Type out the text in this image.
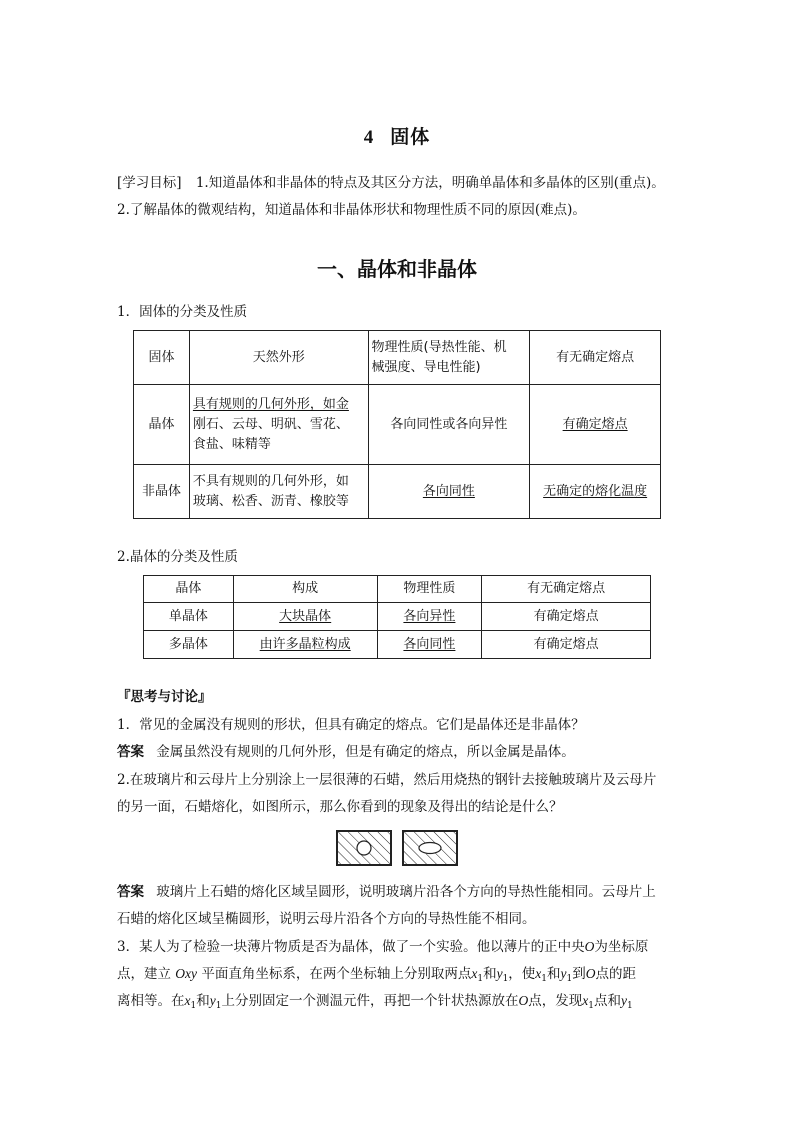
4 固体
[学习目标] 1.知道晶体和非晶体的特点及其区分方法，明确单晶体和多晶体的区别(重点)。
2.了解晶体的微观结构，知道晶体和非晶体形状和物理性质不同的原因(难点)。
一、晶体和非晶体
1．固体的分类及性质
固体	天然外形	物理性质(导热性能、机
械强度、导电性能)	有无确定熔点
晶体	具有规则的几何外形，如金
刚石、云母、明矾、雪花、
食盐、味精等	各向同性或各向异性	有确定熔点
非晶体	不具有规则的几何外形，如
玻璃、松香、沥青、橡胶等	各向同性	无确定的熔化温度
2.晶体的分类及性质
晶体	构成	物理性质	有无确定熔点
单晶体	大块晶体	各向异性	有确定熔点
多晶体	由许多晶粒构成	各向同性	有确定熔点
『思考与讨论』
1．常见的金属没有规则的形状，但具有确定的熔点。它们是晶体还是非晶体？
答案 金属虽然没有规则的几何外形，但是有确定的熔点，所以金属是晶体。
2.在玻璃片和云母片上分别涂上一层很薄的石蜡，然后用烧热的钢针去接触玻璃片及云母片
的另一面，石蜡熔化，如图所示，那么你看到的现象及得出的结论是什么？
答案 玻璃片上石蜡的熔化区域呈圆形，说明玻璃片沿各个方向的导热性能相同。云母片上
石蜡的熔化区域呈椭圆形，说明云母片沿各个方向的导热性能不相同。
3．某人为了检验一块薄片物质是否为晶体，做了一个实验。他以薄片的正中央O为坐标原
点，建立 Oxy 平面直角坐标系，在两个坐标轴上分别取两点$x_1$和$y_1$，使$x_1$和$y_1$到O点的距
离相等。在$x_1$和$y_1$上分别固定一个测温元件，再把一个针状热源放在O点，发现$x_1$点和$y_1$
